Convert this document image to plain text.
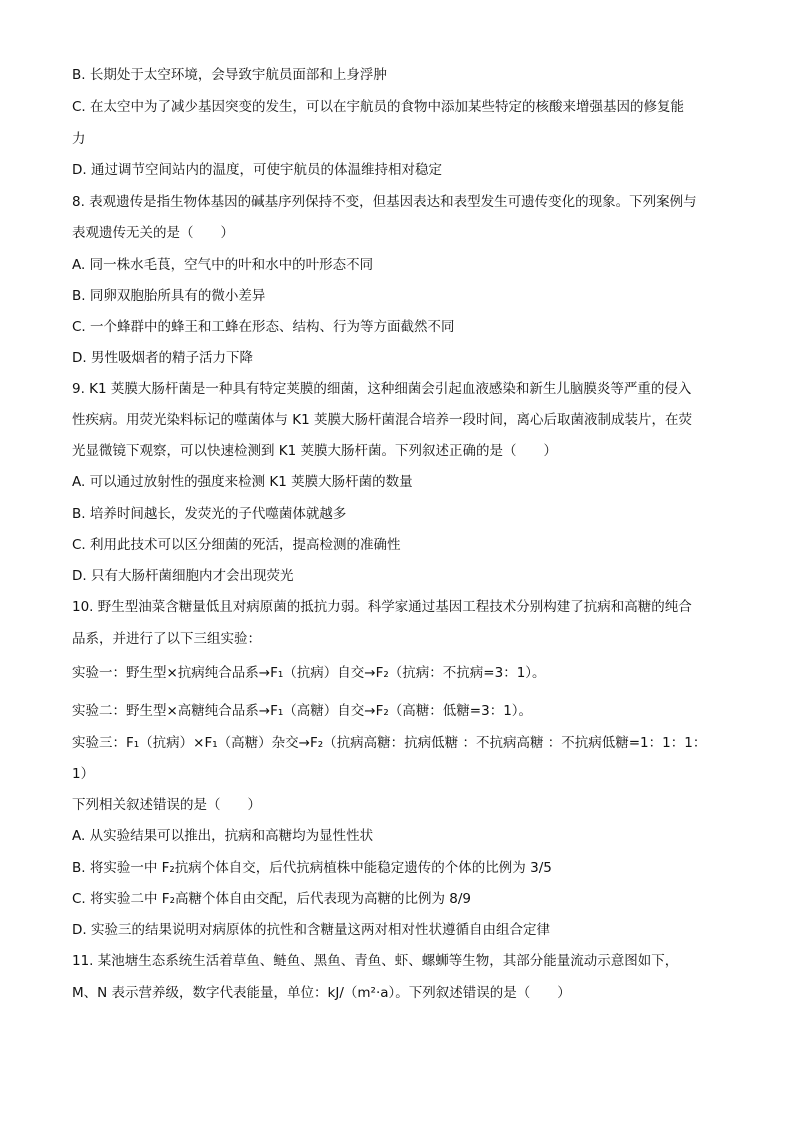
B. 长期处于太空环境，会导致宇航员面部和上身浮肿
C. 在太空中为了减少基因突变的发生，可以在宇航员的食物中添加某些特定的核酸来增强基因的修复能
力
D. 通过调节空间站内的温度，可使宇航员的体温维持相对稳定
8. 表观遗传是指生物体基因的碱基序列保持不变，但基因表达和表型发生可遗传变化的现象。下列案例与
表观遗传无关的是（　　）
A. 同一株水毛茛，空气中的叶和水中的叶形态不同
B. 同卵双胞胎所具有的微小差异
C. 一个蜂群中的蜂王和工蜂在形态、结构、行为等方面截然不同
D. 男性吸烟者的精子活力下降
9. K1 荚膜大肠杆菌是一种具有特定荚膜的细菌，这种细菌会引起血液感染和新生儿脑膜炎等严重的侵入
性疾病。用荧光染料标记的噬菌体与 K1 荚膜大肠杆菌混合培养一段时间，离心后取菌液制成装片，在荧
光显微镜下观察，可以快速检测到 K1 荚膜大肠杆菌。下列叙述正确的是（　　）
A. 可以通过放射性的强度来检测 K1 荚膜大肠杆菌的数量
B. 培养时间越长，发荧光的子代噬菌体就越多
C. 利用此技术可以区分细菌的死活，提高检测的准确性
D. 只有大肠杆菌细胞内才会出现荧光
10. 野生型油菜含糖量低且对病原菌的抵抗力弱。科学家通过基因工程技术分别构建了抗病和高糖的纯合
品系，并进行了以下三组实验：
实验一：野生型×抗病纯合品系→F₁（抗病）自交→F₂（抗病：不抗病=3：1）。
实验二：野生型×高糖纯合品系→F₁（高糖）自交→F₂（高糖：低糖=3：1）。
实验三：F₁（抗病）×F₁（高糖）杂交→F₂（抗病高糖：抗病低糖 ：不抗病高糖 ：不抗病低糖=1：1：1：
1）
下列相关叙述错误的是（　　）
A. 从实验结果可以推出，抗病和高糖均为显性性状
B. 将实验一中 F₂抗病个体自交，后代抗病植株中能稳定遗传的个体的比例为 3/5
C. 将实验二中 F₂高糖个体自由交配，后代表现为高糖的比例为 8/9
D. 实验三的结果说明对病原体的抗性和含糖量这两对相对性状遵循自由组合定律
11. 某池塘生态系统生活着草鱼、鲢鱼、黑鱼、青鱼、虾、螺蛳等生物，其部分能量流动示意图如下，
M、N 表示营养级，数字代表能量，单位：kJ/（m²·a）。下列叙述错误的是（　　）
